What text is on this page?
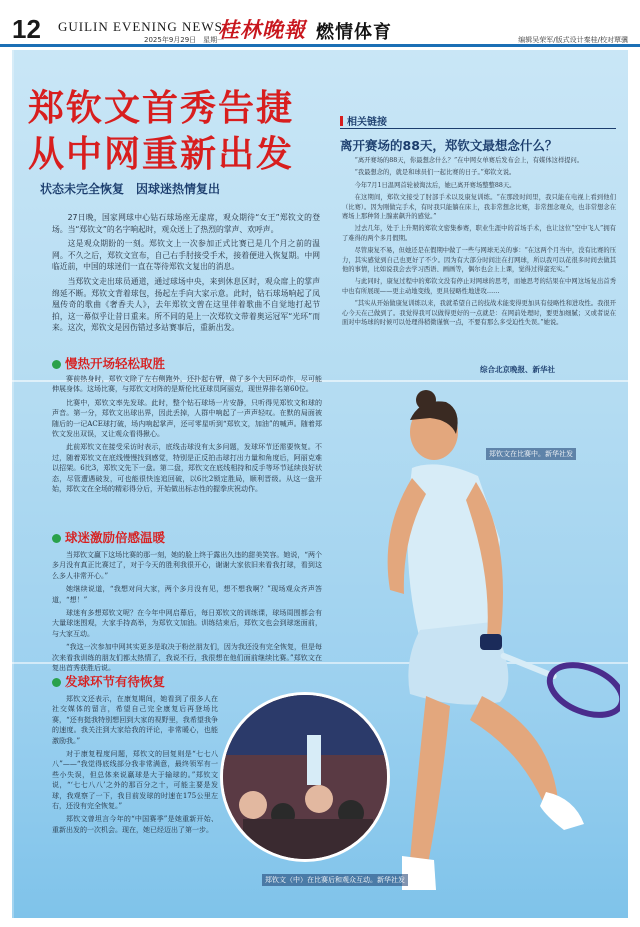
12 GUILIN EVENING NEWS
2025年9月29日　星期一
桂林晚報 燃情体育	编辑吴荣军/版式设计秦桂/校对覃骥
郑钦文首秀告捷
从中网重新出发
状态未完全恢复　因球迷热情复出

27日晚，国家网球中心钻石球场座无虚席，观众期待“女王”郑钦文的登场。当“郑钦文”的名字响起时，观众送上了热烈的掌声、欢呼声。

这是观众期盼的一刻。郑钦文上一次参加正式比赛已是几个月之前的温网。不久之后，郑钦文宣布，自己右手肘接受手术，接着便进入恢复期。中网临近前，中国的球迷们一直在等待郑钦文复出的消息。

当郑钦文走出球员通道，通过球场中央，来到休息区时，观众席上的掌声绵延不断。郑钦文背着球包，扬起左手向大家示意。此时，钻石球场响起了凤凰传奇的歌曲《奢香夫人》，去年郑钦文曾在这里伴着歌曲不自觉地打起节拍，这一幕似乎让昔日重来。所不同的是上一次郑钦文带着奥运冠军“光环”而来。这次，郑钦文是因伤错过多站赛事后，重新出发。

慢热开场轻松取胜

赛前热身时，郑钦文除了左右侧跑外，还扑起右臂，做了多个大回环动作，尽可能伸展身体。这场比赛，与郑钦文对阵的是斯伦比亚球员阿丽克，现世界排名第60位。

比赛中，郑钦文率先发球。此时，整个钻石球场一片安静，只听得见郑钦文和球的声音。第一分，郑钦文出球出界，因此丢掉，人群中响起了一声声轻叹。在默的局面被随后的一记ACE球打破，场内响起掌声，还可零星听到“郑钦文，加油”的喊声。随着郑钦文发出双误，又让观众看得揪心。

此前郑钦文在接受采访时表示，底线击球没有太多问题，发球环节还需要恢复。不过，随着郑钦文在底线慢慢找到感觉，特别是正反拍击球打出力量和角度后，阿丽克难以招架。6比3，郑钦文先下一盘。第二盘，郑钦文在底线相持和反手等环节延续良好状态，尽管遭遇破发，可也能很快连追回破，以6比2锁定胜局，顺利晋级。从这一盘开始，郑钦文在全场的精彩得分后，开始做出标志性的握拳庆祝动作。

球迷激励倍感温暖

当郑钦文赢下这场比赛的那一刻，她的脸上终于露出久违的甜美笑容。她说，“两个多月没有真正比赛过了，对于今天的胜利我很开心，谢谢大家依旧来看我打球，看到这么多人非常开心。”

她继续说道，“我想对问大家，两个多月没有见，想不想我啊？”现场观众齐声答道，“想！”

球迷有多想郑钦文呢？在今年中网启幕后，每日郑钦文的训练课，球场周围都会有大量球迷围观，大家手持高举，为郑钦文加油。训练结束后，郑钦文也会到球迷面前，与大家互动。

“我这一次参加中网其实更多是取决于粉丝朋友们，因为我还没有完全恢复，但是每次来看我训练的朋友们都太热情了，我说不行，我很想在他们面前继续比赛。”郑钦文在复出首秀获胜后说。

发球环节有待恢复

郑钦文还表示，在康复期间，她看到了很多人在社交媒体的留言，希望自己完全康复后再登场比赛，“还有挺我特别想回到大家的视野里，我希望我争的速度。我关注到大家给我的评论，非常暖心，也能激励我。”

对于康复程度问题，郑钦文的回复则是“七七八八”——“我觉得底线部分我非常满意，最终领军有一些小失误，但总体来说赢球是大于输球的。”郑钦文说，“‘七七八八’之外的那百分之十，可能主要是发球，我观察了一下，我目前发球的时速在175公里左右，还没有完全恢复。”

郑钦文曾坦言今年的“中国赛季”是她重新开始、重新出发的一次机会。现在，她已经迈出了第一步。

相关链接
离开赛场的88天，郑钦文最想念什么？

“离开赛场的88天，你最想念什么？”在中网女单赛后发布会上，有媒体这样提问。

“我最想念的，就是和球员们一起比赛的日子。”郑钦文说。

今年7月1日温网首轮被淘汰后，她已离开赛场整整88天。

在这期间，郑钦文接受了肘部手术以及康复训练。“在那段时间里，我只能在电视上看到他们（比赛）。因为刚做完手术，有时我只能躺在床上，我非常想念比赛，非常想念观众，也非常想念在赛场上那种肾上腺素飙升的感觉。”

过去几年，处于上升期的郑钦文密集参赛，职业生涯中的首场手术，也让这位“空中飞人”拥有了难得的两个多月假期。

尽管康复不易，但她还是在假期中做了一些与网球无关的事：“在这两个月当中，没有比赛的压力，其实感觉到自己也更好了不少。因为有大部分时间注在打网球，所以我可以花很多时间去做其他的事情，比如说我会去学习西语、画画等，偶尔也会上上课，觉得过得蛮充实。”

与此同时，康复过程中的郑钦文没有停止对网球的思考，而她思考的结果在中网这场复出首秀中也有所展现——更主动地变线，更具侵略性地进攻……

“其实从开始做康复训练以来，我就希望自己的技战术能变得更加具有侵略性和进攻性。我很开心今天在己做到了。我觉得我可以做得更好的一点就是：在网前处理时，要更加细腻；又或者说在面对中场球的时候可以处理得稍微谨慎一点，不要有那么多受迫性失误。”她说。

综合北京晚报、新华社
郑钦文在比赛中。新华社发
郑钦文（中）在比赛后和观众互动。新华社发
